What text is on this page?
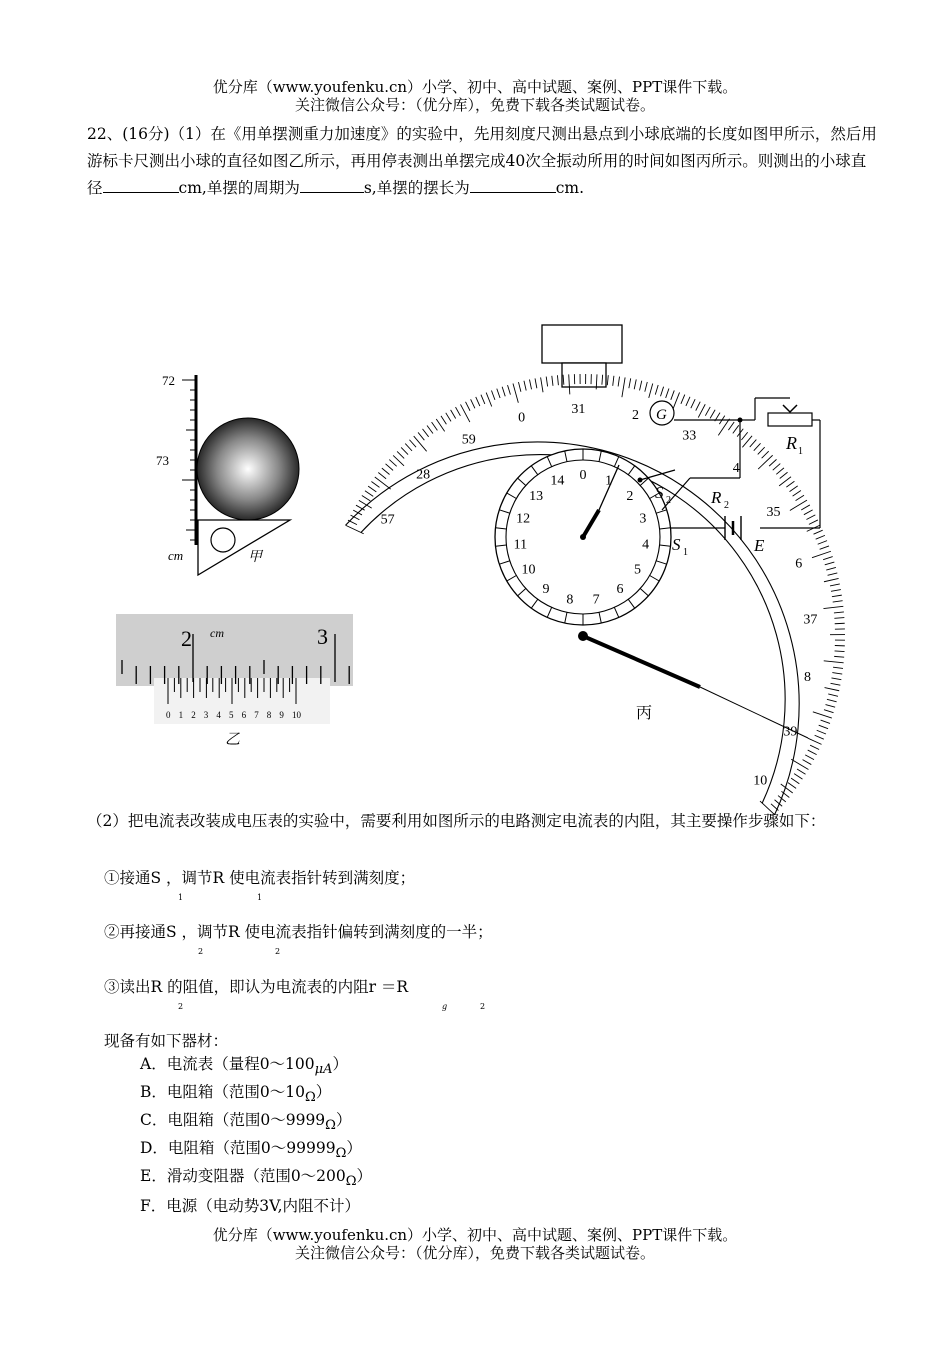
优分库（www.youfenku.cn）小学、初中、高中试题、案例、PPT课件下载。
关注微信公众号：（优分库），免费下载各类试题试卷。
22、(16分)（1）在《用单摆测重力加速度》的实验中，先用刻度尺测出悬点到小球底端的长度如图甲所示，然后用游标卡尺测出小球的直径如图乙所示，再用停表测出单摆完成40次全振动所用的时间如图丙所示。则测出的小球直径	cm,单摆的周期为	s,单摆的摆长为	cm.
72
73
cm	甲
0 1 2 3 4 5 6 7 8 9 10
2	3
cm
乙
57
28
59
0
31	2
33
4
35
6
37
8
39
10
0 1
2
3
4
5
6
7
8
9
10
11
12
13
14
G
R 1
R 2
S 2
S 1	E
丙
（2）把电流表改装成电压表的实验中，需要利用如图所示的电路测定电流表的内阻，其主要操作步骤如下：
①接通S ，调节R 使电流表指针转到满刻度；
1	1
②再接通S ，调节R 使电流表指针偏转到满刻度的一半；
2	2
③读出R 的阻值，即认为电流表的内阻r ＝R
2	g	2
现备有如下器材：
A．电流表（量程$0\sim 100_{\mu A}$）
B．电阻箱（范围$0\sim 10_\Omega$）
C．电阻箱（范围$0\sim 9999_\Omega$）
D．电阻箱（范围$0\sim 99999_\Omega$）
E．滑动变阻器（范围$0\sim 200_\Omega$）
F．电源（电动势3V,内阻不计）
优分库（www.youfenku.cn）小学、初中、高中试题、案例、PPT课件下载。
关注微信公众号：（优分库），免费下载各类试题试卷。
